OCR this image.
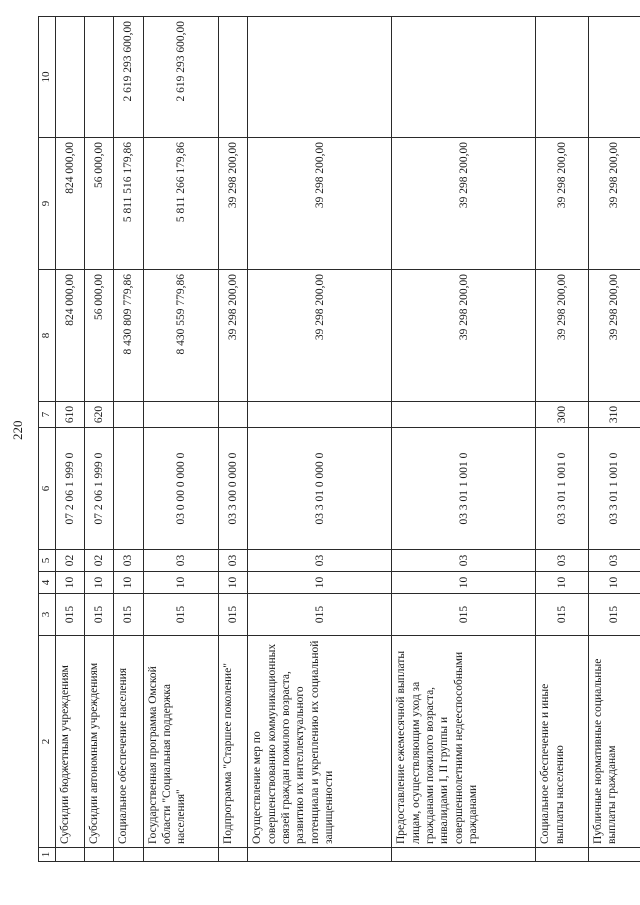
220
1	2	3	4	5	6	7	8	9	10
	Субсидии бюджетным учреждениям	015	10	02	07 2 06 1 999 0	610	824 000,00	824 000,00	
	Субсидии автономным учреждениям	015	10	02	07 2 06 1 999 0	620	56 000,00	56 000,00	
	Социальное обеспечение населения	015	10	03			8 430 809 779,86	5 811 516 179,86	2 619 293 600,00
	Государственная программа Омской области "Социальная поддержка населения"	015	10	03	03 0 00 0 000 0		8 430 559 779,86	5 811 266 179,86	2 619 293 600,00
	Подпрограмма "Старшее поколение"	015	10	03	03 3 00 0 000 0		39 298 200,00	39 298 200,00	
	Осуществление мер по совершенствованию коммуникационных связей граждан пожилого возраста, развитию их интеллектуального потенциала и укреплению их социальной защищенности	015	10	03	03 3 01 0 000 0		39 298 200,00	39 298 200,00	
	Предоставление ежемесячной выплаты лицам, осуществляющим уход за гражданами пожилого возраста, инвалидами I, II группы и совершеннолетними недееспособными гражданами	015	10	03	03 3 01 1 001 0		39 298 200,00	39 298 200,00	
	Социальное обеспечение и иные выплаты населению	015	10	03	03 3 01 1 001 0	300	39 298 200,00	39 298 200,00	
	Публичные нормативные социальные выплаты гражданам	015	10	03	03 3 01 1 001 0	310	39 298 200,00	39 298 200,00	
